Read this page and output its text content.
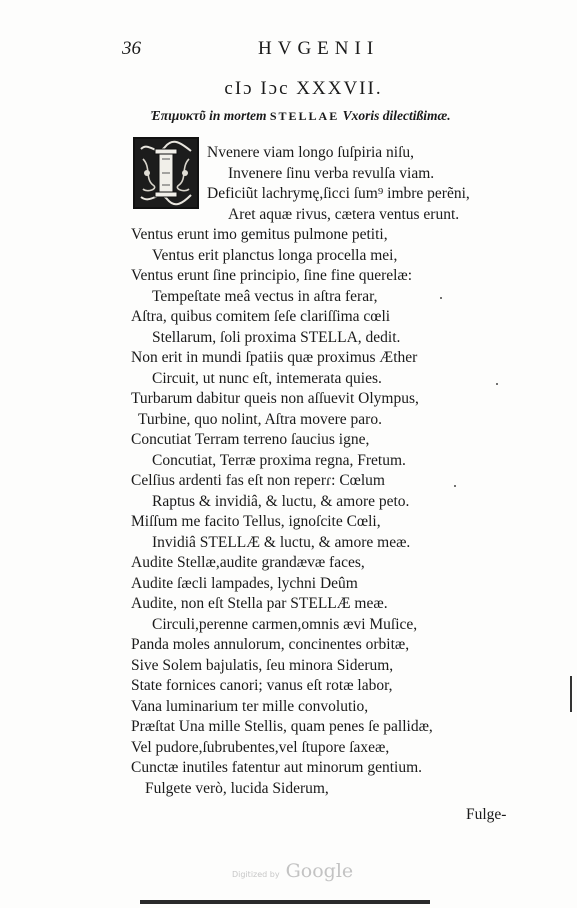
36	HVGENII
cIɔ Iɔc XXXVII.
Ἐπιμυκτῦ in mortem STELLAE Vxoris dilectißimæ.
Nvenere viam longo ſuſpiria niſu,
Invenere ſinu verba revulſa viam.
Deficiũt lachrymę,ſicci ſum⁹ imbre perẽni,
Aret aquæ rivus, cætera ventus erunt.
Ventus erunt imo gemitus pulmone petiti,
Ventus erit planctus longa procella mei,
Ventus erunt ſine principio, ſine fine querelæ:
Tempeſtate meâ vectus in aſtra ferar,
Aſtra, quibus comitem ſeſe clariſſima cœli
Stellarum, ſoli proxima STELLA, dedit.
Non erit in mundi ſpatiis quæ proximus Æther
Circuit, ut nunc eſt, intemerata quies.
Turbarum dabitur queis non aſſuevit Olympus,
Turbine, quo nolint, Aſtra movere paro.
Concutiat Terram terreno ſaucius igne,
Concutiat, Terræ proxima regna, Fretum.
Celſius ardenti fas eſt non reperɾ: Cœlum
Raptus & invidiâ, & luctu, & amore peto.
Miſſum me facito Tellus, ignoſcite Cœli,
Invidiâ STELLÆ & luctu, & amore meæ.
Audite Stellæ,audite grandævæ faces,
Audite ſæcli lampades, lychni Deûm
Audite, non eſt Stella par STELLÆ meæ.
Circuli,perenne carmen,omnis ævi Muſice,
Panda moles annulorum, concinentes orbitæ,
Sive Solem bajulatis, ſeu minora Siderum,
State fornices canori; vanus eſt rotæ labor,
Vana luminarium ter mille convolutio,
Præſtat Una mille Stellis, quam penes ſe pallidæ,
Vel pudore,ſubrubentes,vel ſtupore ſaxeæ,
Cunctæ inutiles fatentur aut minorum gentium.
Fulgete verò, lucida Siderum,
Fulge-
Digitized by Google
